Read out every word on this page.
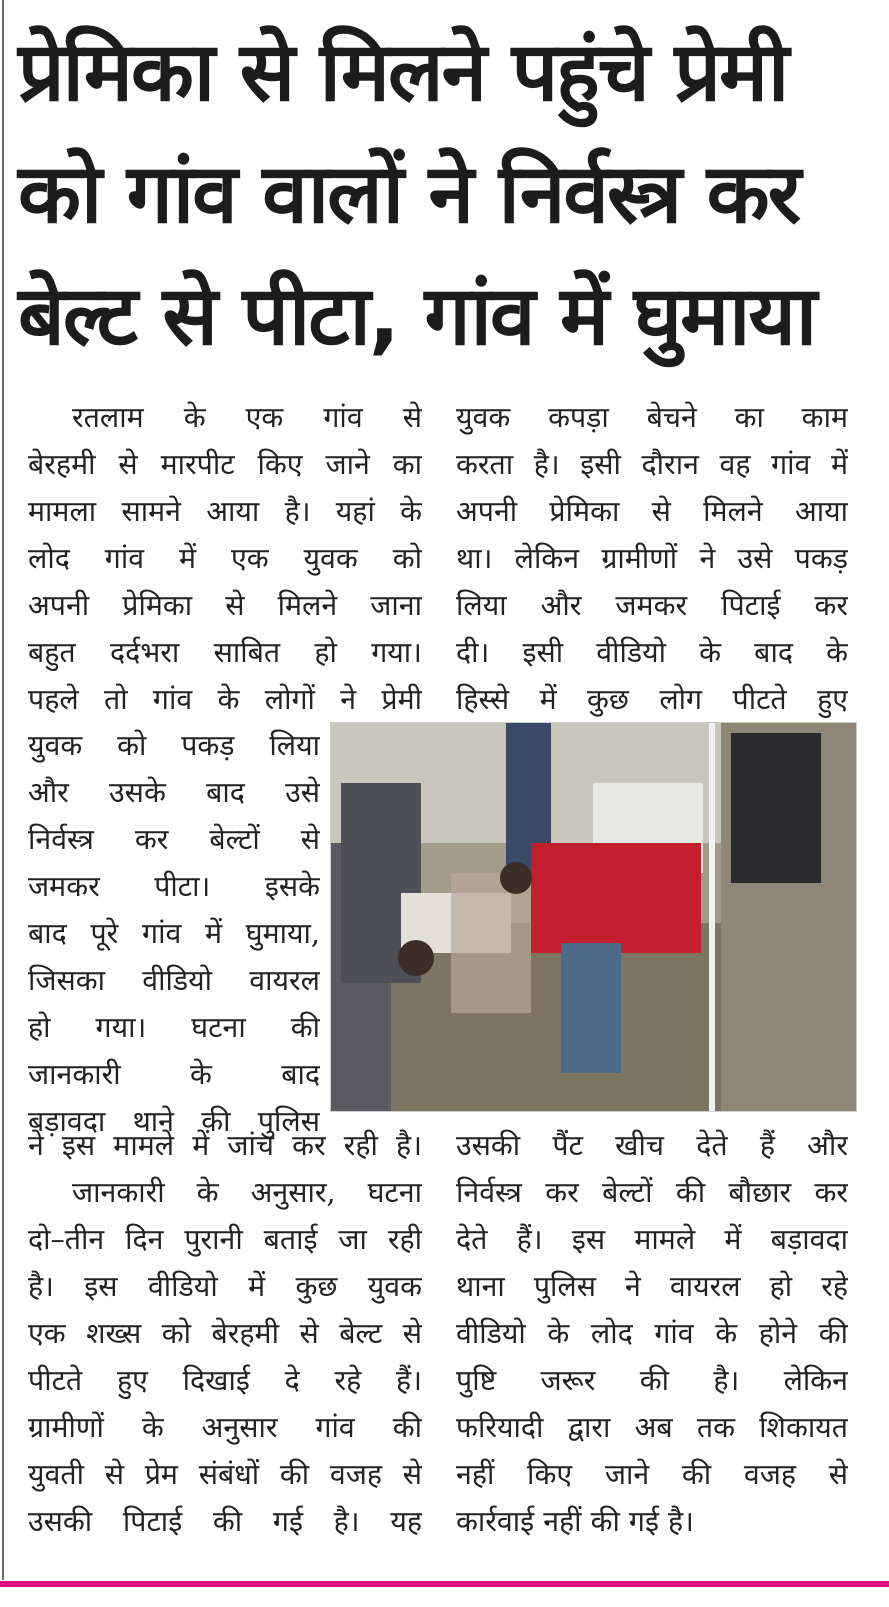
प्रेमिका से मिलने पहुंचे प्रेमी
को गांव वालों ने निर्वस्त्र कर
बेल्ट से पीटा, गांव में घुमाया
रतलाम के एक गांव से
बेरहमी से मारपीट किए जाने का
मामला सामने आया है। यहां के
लोद गांव में एक युवक को
अपनी प्रेमिका से मिलने जाना
बहुत दर्दभरा साबित हो गया।
पहले तो गांव के लोगों ने प्रेमी
युवक को पकड़ लिया
और उसके बाद उसे
निर्वस्त्र कर बेल्टों से
जमकर पीटा। इसके
बाद पूरे गांव में घुमाया,
जिसका वीडियो वायरल
हो गया। घटना की
जानकारी के बाद
बड़ावदा थाने की पुलिस
ने इस मामले में जांच कर रही है।
जानकारी के अनुसार, घटना
दो–तीन दिन पुरानी बताई जा रही
है। इस वीडियो में कुछ युवक
एक शख्स को बेरहमी से बेल्ट से
पीटते हुए दिखाई दे रहे हैं।
ग्रामीणों के अनुसार गांव की
युवती से प्रेम संबंधों की वजह से
उसकी पिटाई की गई है। यह
युवक कपड़ा बेचने का काम
करता है। इसी दौरान वह गांव में
अपनी प्रेमिका से मिलने आया
था। लेकिन ग्रामीणों ने उसे पकड़
लिया और जमकर पिटाई कर
दी। इसी वीडियो के बाद के
हिस्से में कुछ लोग पीटते हुए
उसकी पैंट खीच देते हैं और
निर्वस्त्र कर बेल्टों की बौछार कर
देते हैं। इस मामले में बड़ावदा
थाना पुलिस ने वायरल हो रहे
वीडियो के लोद गांव के होने की
पुष्टि जरूर की है। लेकिन
फरियादी द्वारा अब तक शिकायत
नहीं किए जाने की वजह से
कार्रवाई नहीं की गई है।
